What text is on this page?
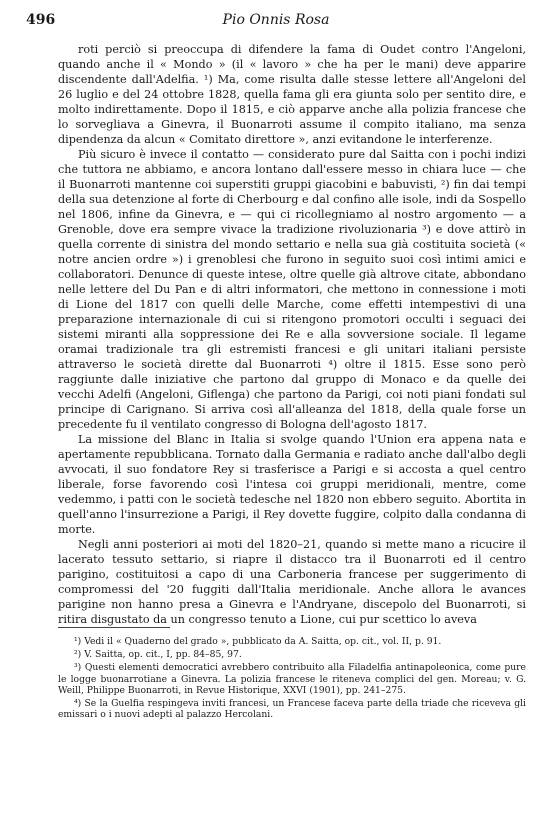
496	Pio Onnis Rosa

roti perciò si preoccupa di difendere la fama di Oudet contro l'Angeloni, quando anche il « Mondo » (il « lavoro » che ha per le mani) deve apparire discendente dall'Adelfia. ¹) Ma, come risulta dalle stesse lettere all'Angeloni del 26 luglio e del 24 ottobre 1828, quella fama gli era giunta solo per sentito dire, e molto indirettamente. Dopo il 1815, e ciò apparve anche alla polizia francese che lo sorvegliava a Ginevra, il Buonarroti assume il compito italiano, ma senza dipendenza da alcun « Comitato direttore », anzi evitandone le interferenze.

Più sicuro è invece il contatto — considerato pure dal Saitta con i pochi indizi che tuttora ne abbiamo, e ancora lontano dall'essere messo in chiara luce — che il Buonarroti mantenne coi superstiti gruppi giacobini e babuvisti, ²) fin dai tempi della sua detenzione al forte di Cherbourg e dal confino alle isole, indi da Sospello nel 1806, infine da Ginevra, e — qui ci ricollegniamo al nostro argomento — a Grenoble, dove era sempre vivace la tradizione rivoluzionaria ³) e dove attirò in quella corrente di sinistra del mondo settario e nella sua già costituita società (« notre ancien ordre ») i grenoblesi che furono in seguito suoi così intimi amici e collaboratori. Denunce di queste intese, oltre quelle già altrove citate, abbondano nelle lettere del Du Pan e di altri informatori, che mettono in connessione i moti di Lione del 1817 con quelli delle Marche, come effetti intempestivi di una preparazione internazionale di cui si ritengono promotori occulti i seguaci dei sistemi miranti alla soppressione dei Re e alla sovversione sociale. Il legame oramai tradizionale tra gli estremisti francesi e gli unitari italiani persiste attraverso le società dirette dal Buonarroti ⁴) oltre il 1815. Esse sono però raggiunte dalle iniziative che partono dal gruppo di Monaco e da quelle dei vecchi Adelfi (Angeloni, Giflenga) che partono da Parigi, coi noti piani fondati sul principe di Carignano. Si arriva così all'alleanza del 1818, della quale forse un precedente fu il ventilato congresso di Bologna dell'agosto 1817.

La missione del Blanc in Italia si svolge quando l'Union era appena nata e apertamente repubblicana. Tornato dalla Germania e radiato anche dall'albo degli avvocati, il suo fondatore Rey si trasferisce a Parigi e si accosta a quel centro liberale, forse favorendo così l'intesa coi gruppi meridionali, mentre, come vedemmo, i patti con le società tedesche nel 1820 non ebbero seguito. Abortita in quell'anno l'insurrezione a Parigi, il Rey dovette fuggire, colpito dalla condanna di morte.

Negli anni posteriori ai moti del 1820–21, quando si mette mano a ricucire il lacerato tessuto settario, si riapre il distacco tra il Buonarroti ed il centro parigino, costituitosi a capo di una Carboneria francese per suggerimento di compromessi del '20 fuggiti dall'Italia meridionale. Anche allora le avances parigine non hanno presa a Ginevra e l'Andryane, discepolo del Buonarroti, si ritira disgustato da un congresso tenuto a Lione, cui pur scettico lo aveva

¹) Vedi il « Quaderno del grado », pubblicato da A. Saitta, op. cit., vol. II, p. 91.

²) V. Saitta, op. cit., I, pp. 84–85, 97.

³) Questi elementi democratici avrebbero contribuito alla Filadelfia antinapoleonica, come pure le logge buonarrotiane a Ginevra. La polizia francese le riteneva complici del gen. Moreau; v. G. Weill, Philippe Buonarroti, in Revue Historique, XXVI (1901), pp. 241–275.

⁴) Se la Guelfia respingeva inviti francesi, un Francese faceva parte della triade che riceveva gli emissari o i nuovi adepti al palazzo Hercolani.
